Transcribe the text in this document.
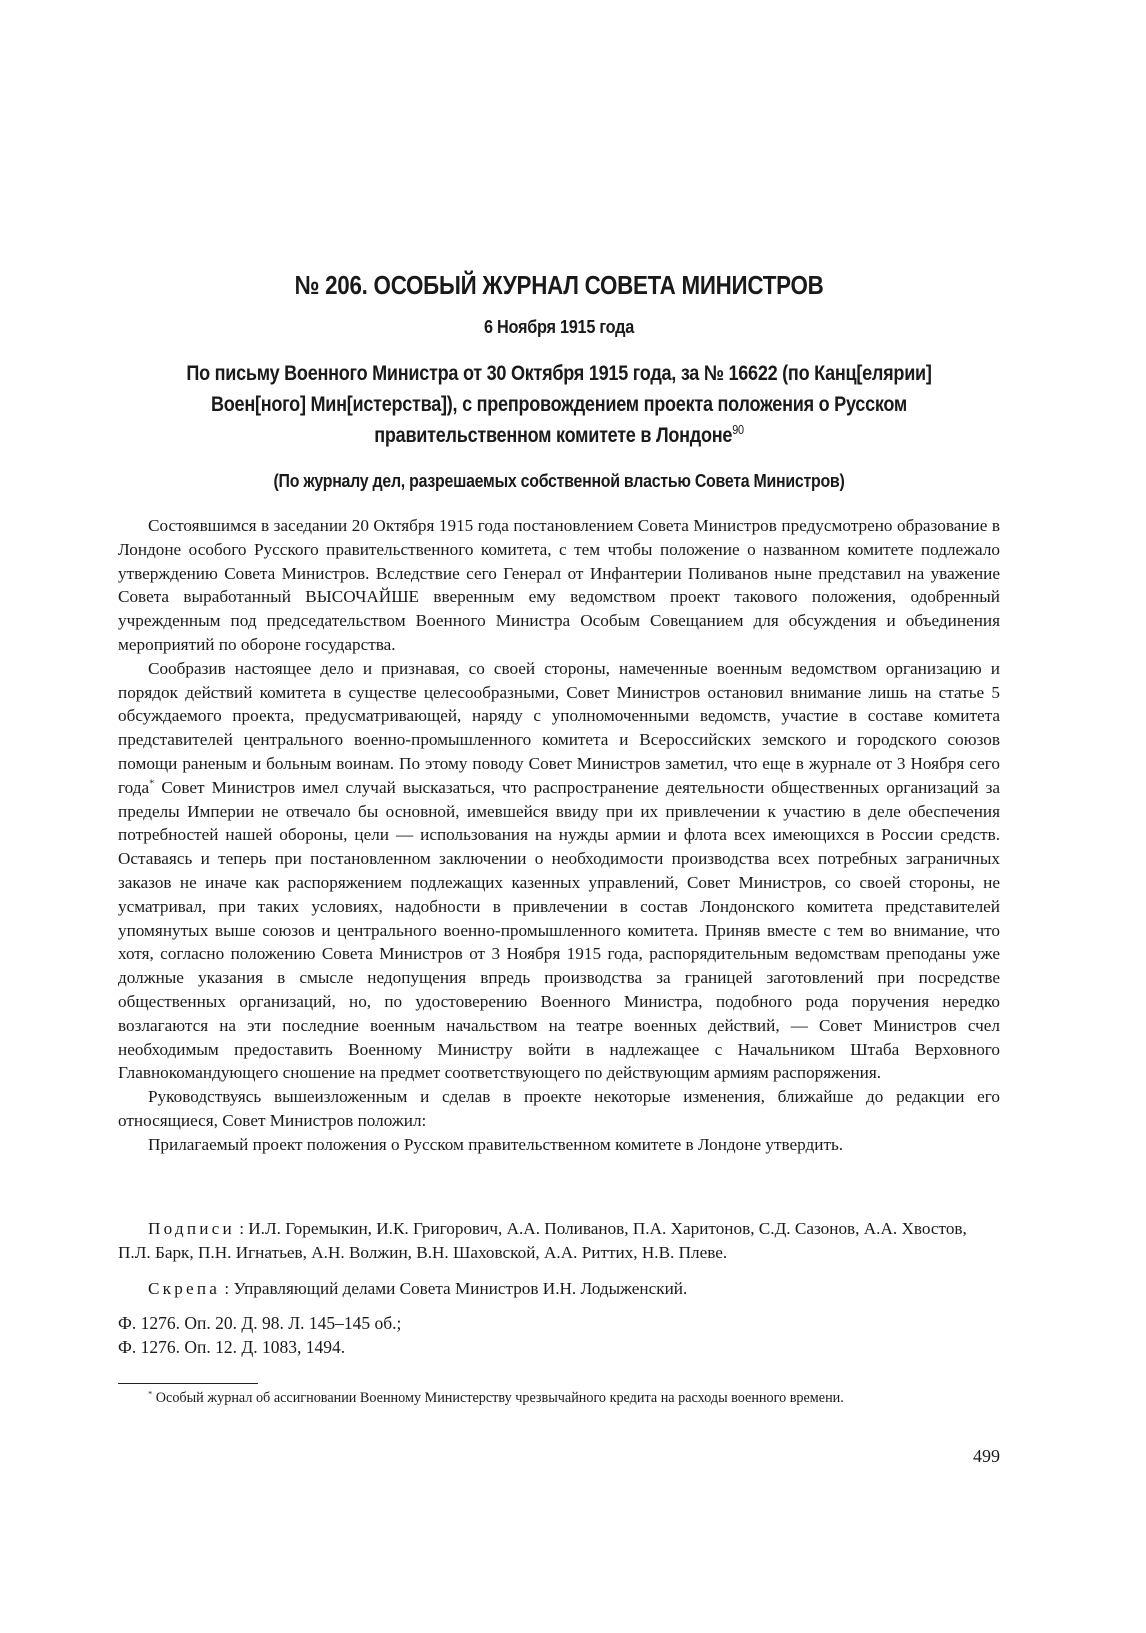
№ 206. ОСОБЫЙ ЖУРНАЛ СОВЕТА МИНИСТРОВ
6 Ноября 1915 года
По письму Военного Министра от 30 Октября 1915 года, за № 16622 (по Канц[елярии] Воен[ного] Мин[истерства]), с препровождением проекта положения о Русском правительственном комитете в Лондоне$^{90}$
(По журналу дел, разрешаемых собственной властью Совета Министров)

Состоявшимся в заседании 20 Октября 1915 года постановлением Совета Министров предусмотрено образование в Лондоне особого Русского правительственного комитета, с тем чтобы положение о названном комитете подлежало утверждению Совета Министров. Вследствие сего Генерал от Инфантерии Поливанов ныне представил на уважение Совета выработанный ВЫСОЧАЙШЕ вверенным ему ведомством проект такового положения, одобренный учрежденным под председательством Военного Министра Особым Совещанием для обсуждения и объединения мероприятий по обороне государства.

Сообразив настоящее дело и признавая, со своей стороны, намеченные военным ведомством организацию и порядок действий комитета в существе целесообразными, Совет Министров остановил внимание лишь на статье 5 обсуждаемого проекта, предусматривающей, наряду с уполномоченными ведомств, участие в составе комитета представителей центрального военно-промышленного комитета и Всероссийских земского и городского союзов помощи раненым и больным воинам. По этому поводу Совет Министров заметил, что еще в журнале от 3 Ноября сего года* Совет Министров имел случай высказаться, что распространение деятельности общественных организаций за пределы Империи не отвечало бы основной, имевшейся ввиду при их привлечении к участию в деле обеспечения потребностей нашей обороны, цели — использования на нужды армии и флота всех имеющихся в России средств. Оставаясь и теперь при постановленном заключении о необходимости производства всех потребных заграничных заказов не иначе как распоряжением подлежащих казенных управлений, Совет Министров, со своей стороны, не усматривал, при таких условиях, надобности в привлечении в состав Лондонского комитета представителей упомянутых выше союзов и центрального военно-промышленного комитета. Приняв вместе с тем во внимание, что хотя, согласно положению Совета Министров от 3 Ноября 1915 года, распорядительным ведомствам преподаны уже должные указания в смысле недопущения впредь производства за границей заготовлений при посредстве общественных организаций, но, по удостоверению Военного Министра, подобного рода поручения нередко возлагаются на эти последние военным начальством на театре военных действий, — Совет Министров счел необходимым предоставить Военному Министру войти в надлежащее с Начальником Штаба Верховного Главнокомандующего сношение на предмет соответствующего по действующим армиям распоряжения.

Руководствуясь вышеизложенным и сделав в проекте некоторые изменения, ближайше до редакции его относящиеся, Совет Министров положил:

Прилагаемый проект положения о Русском правительственном комитете в Лондоне утвердить.

Подписи : И.Л. Горемыкин, И.К. Григорович, А.А. Поливанов, П.А. Харитонов, С.Д. Сазонов, А.А. Хвостов, П.Л. Барк, П.Н. Игнатьев, А.Н. Волжин, В.Н. Шаховской, А.А. Риттих, Н.В. Плеве.

Скрепа : Управляющий делами Совета Министров И.Н. Лодыженский.

Ф. 1276. Оп. 20. Д. 98. Л. 145–145 об.;
Ф. 1276. Оп. 12. Д. 1083, 1494.

* Особый журнал об ассигновании Военному Министерству чрезвычайного кредита на расходы военного времени.

499
